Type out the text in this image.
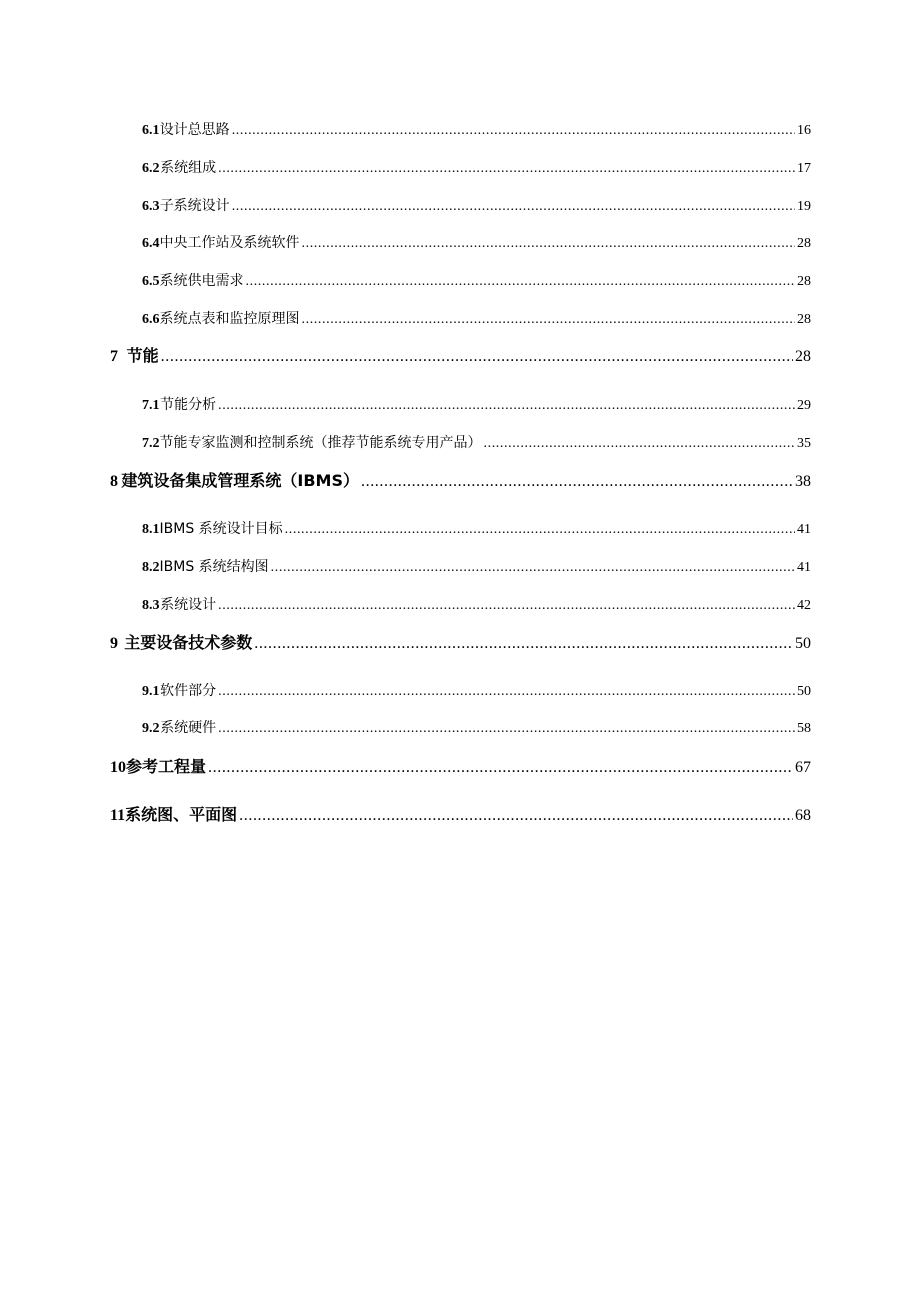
6.1 设计总思路 .....	16
6.2 系统组成 .....	17
6.3 子系统设计 .....	19
6.4 中央工作站及系统软件 .....	28
6.5 系统供电需求 .....	28
6.6 系统点表和监控原理图 .....	28
7 节能 .....	28
7.1 节能分析 .....	29
7.2 节能专家监测和控制系统（推荐节能系统专用产品） .....	35
8 建筑设备集成管理系统（IBMS） .....	38
8.1 IBMS 系统设计目标 .....	41
8.2 IBMS 系统结构图 .....	41
8.3 系统设计 .....	42
9 主要设备技术参数 .....	50
9.1 软件部分 .....	50
9.2 系统硬件 .....	58
10 参考工程量 .....	67
11 系统图、平面图 .....	68
